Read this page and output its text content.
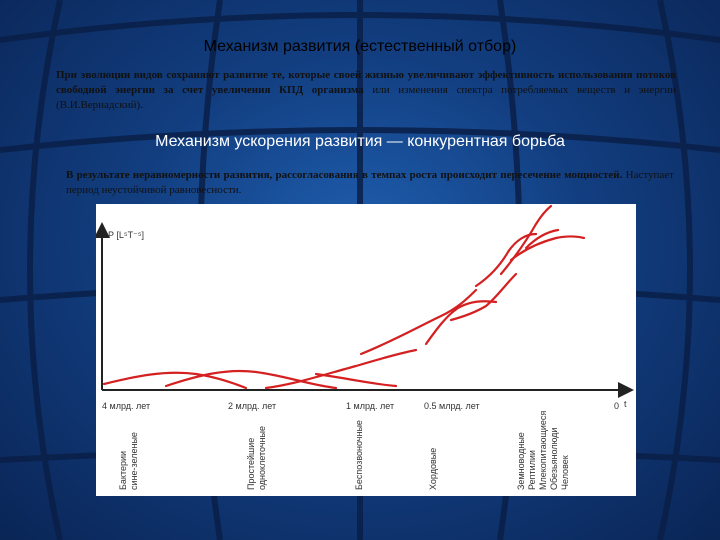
Механизм развития (естественный отбор)
При эволюции видов сохраняют развитие те, которые своей жизнью увеличивают эффективность использования потоков свободной энергии за счет увеличения КПД организма или изменения спектра потребляемых веществ и энергии (В.И.Вернадский).
Механизм ускорения развития — конкурентная борьба
В результате неравномерности развития, рассогласования в темпах роста происходит пересечение мощностей. Наступает период неустойчивой равновесности.
P [L⁵T⁻⁵]
t
4 млрд. лет	2 млрд. лет	1 млрд. лет	0.5 млрд. лет	0
Бактерии сине-зеленые	Простейшие одноклеточные	Беспозвоночные	Хордовые	Земноводные Рептилии Млекопитающиеся Обезьянолюди Человек
